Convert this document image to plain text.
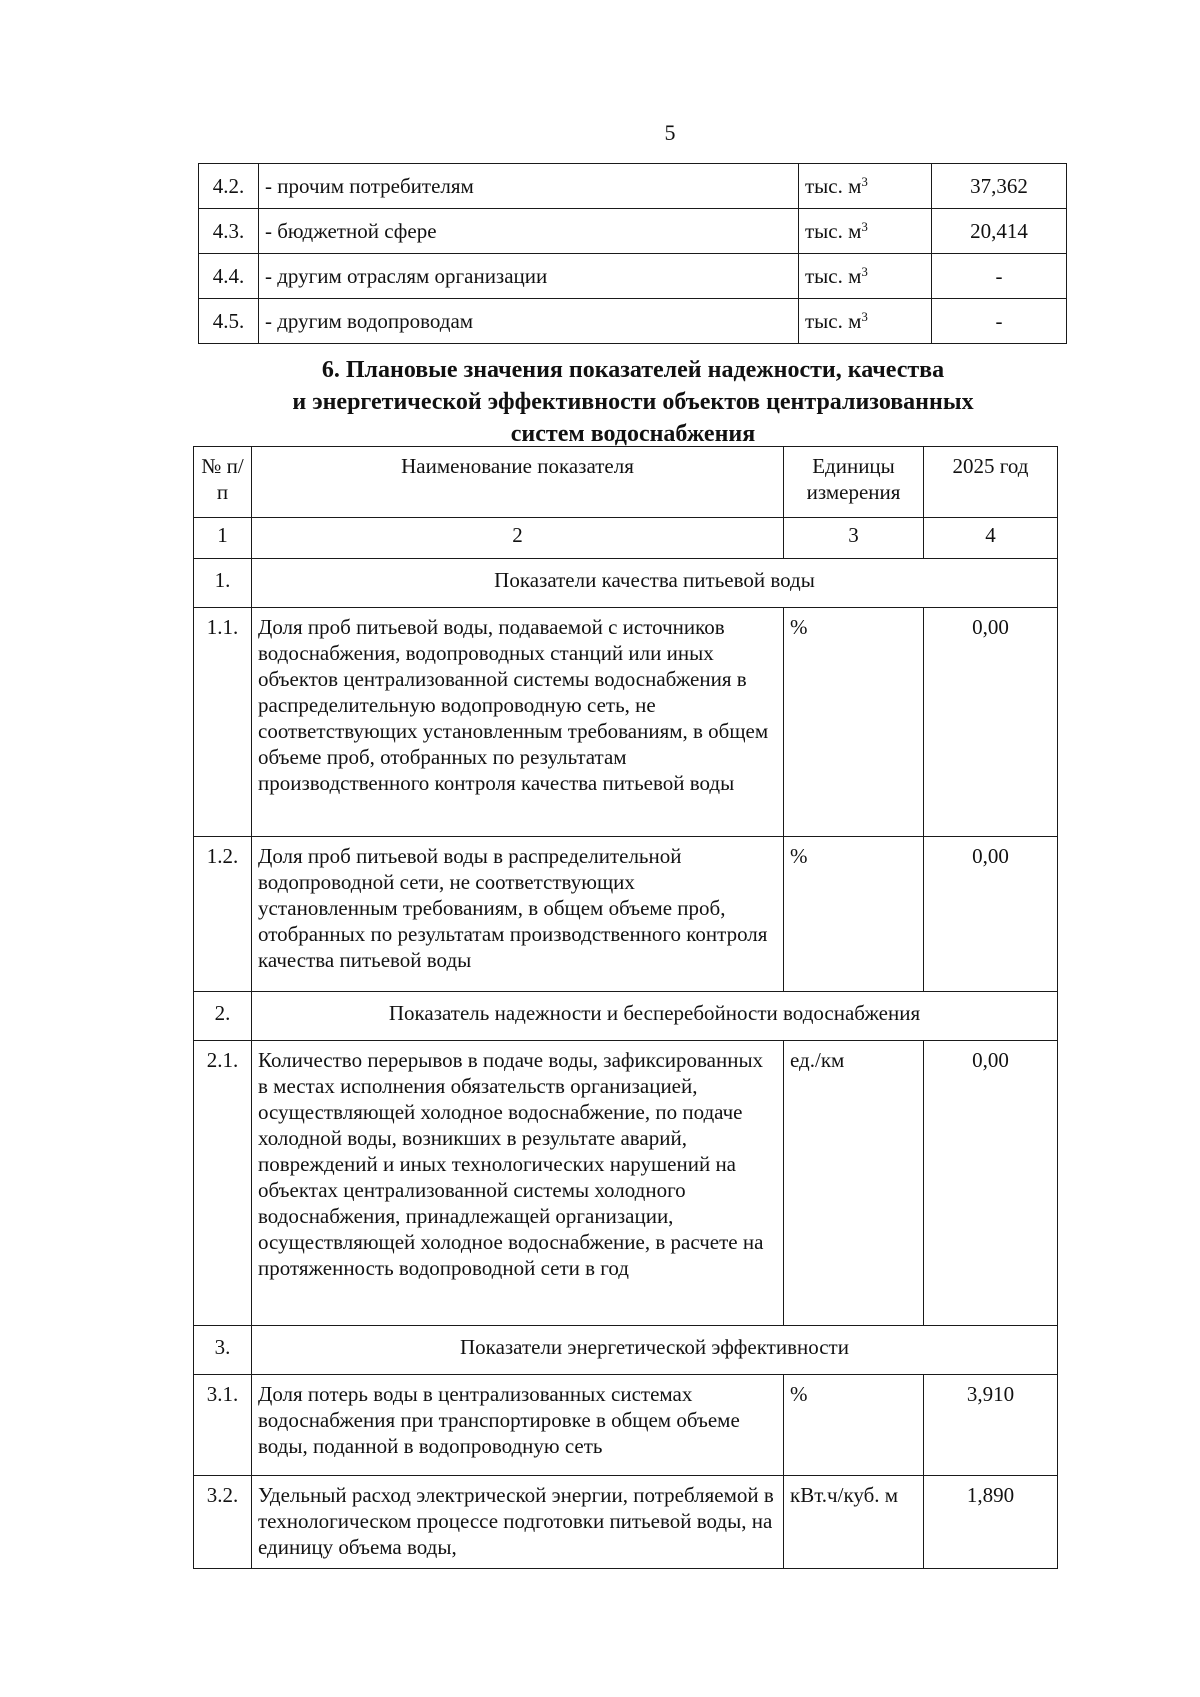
5
4.2.	- прочим потребителям	тыс. $м^3$	37,362
4.3.	- бюджетной сфере	тыс. $м^3$	20,414
4.4.	- другим отраслям организации	тыс. $м^3$	-
4.5.	- другим водопроводам	тыс. $м^3$	-
6. Плановые значения показателей надежности, качества
и энергетической эффективности объектов централизованных
систем водоснабжения
№ п/п	Наименование показателя	Единицы измерения	2025 год
1	2	3	4
1.	Показатели качества питьевой воды		
1.1.	Доля проб питьевой воды, подаваемой с источников водоснабжения, водопроводных станций или иных объектов централизованной системы водоснабжения в распределительную водопроводную сеть, не соответствующих установленным требованиям, в общем объеме проб, отобранных по результатам производственного контроля качества питьевой воды	%	0,00
1.2.	Доля проб питьевой воды в распределительной водопроводной сети, не соответствующих установленным требованиям, в общем объеме проб, отобранных по результатам производственного контроля качества питьевой воды	%	0,00
2.	Показатель надежности и бесперебойности водоснабжения		
2.1.	Количество перерывов в подаче воды, зафиксированных в местах исполнения обязательств организацией, осуществляющей холодное водоснабжение, по подаче холодной воды, возникших в результате аварий, повреждений и иных технологических нарушений на объектах централизованной системы холодного водоснабжения, принадлежащей организации, осуществляющей холодное водоснабжение, в расчете на протяженность водопроводной сети в год	ед./км	0,00
3.	Показатели энергетической эффективности		
3.1.	Доля потерь воды в централизованных системах водоснабжения при транспортировке в общем объеме воды, поданной в водопроводную сеть	%	3,910
3.2.	Удельный расход электрической энергии, потребляемой в технологическом процессе подготовки питьевой воды, на единицу объема воды,	кВт.ч/куб. м	1,890
